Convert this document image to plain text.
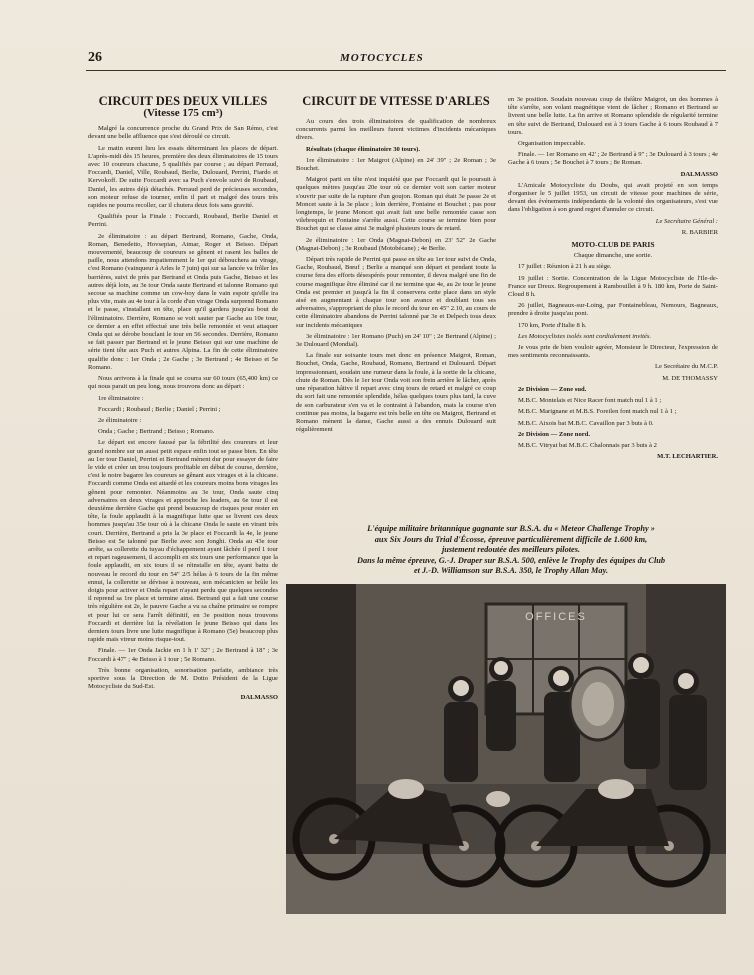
26	MOTOCYCLES
CIRCUIT DES DEUX VILLES
(Vitesse 175 cm³)

Malgré la concurrence proche du Grand Prix de San Rémo, c'est devant une belle affluence que s'est déroulé ce circuit.

Le matin eurent lieu les essais déterminant les places de départ. L'après-midi dès 15 heures, première des deux éliminatoires de 15 tours avec 10 coureurs chacune, 5 qualifiés par course ; au départ Perraud, Foccardi, Daniel, Ville, Roubaud, Berlie, Dulouard, Perrini, Fiardo et Kervokoff. De suite Foccardi avec sa Puch s'envole suivi de Roubaud, Daniel, les autres déjà détachés. Perraud perd de précieuses secondes, son moteur refuse de tourner, enfin il part et malgré des tours très rapides ne pourra recoller, car il chutera deux fois sans gravité.

Qualifiés pour la Finale : Foccardi, Roubaud, Berlie Daniel et Perrini.

2e éliminatoire : au départ Bertrand, Romano, Gache, Onda, Roman, Benedetto, Hovsepian, Aimar, Roger et Beisso. Départ mouvementé, beaucoup de coureurs se gênent et rasent les balles de paille, nous attendons impatiemment le 1er qui débouchera au virage, c'est Romano (vainqueur à Arles le 7 juin) qui sur sa lancée va frôler les barrières, suivi de près par Bertrand et Onda puis Gache, Beisso et les autres déjà loin, au 3e tour Onda saute Bertrand et talonne Romano qui secoue sa machine comme un cow-boy dans le vain espoir qu'elle ira plus vite, mais au 4e tour à la corde d'un virage Onda surprend Romano et le passe, s'installant en tête, place qu'il gardera jusqu'au bout de l'éliminatoire. Derrière, Romano se voit sauter par Gache au 10e tour, ce dernier a en effet effectué une très belle remontée et veut attaquer Onda qui se dérobe bouclant le tour en 56 secondes. Derrière, Romano se fait passer par Bertrand et le jeune Beisso qui sur une machine de série tient tête aux Puch et autres Alpina. La fin de cette éliminatoire qualifie donc : 1er Onda ; 2e Gache ; 3e Bertrand ; 4e Beisso et 5e Romano.

Nous arrivons à la finale qui se courra sur 60 tours (65,400 km) ce qui nous parait un peu long, nous trouvons donc au départ :

1re éliminatoire :

Foccardi ; Roubaud ; Berlie ; Daniel ; Perrini ;

2e éliminatoire :

Onda ; Gache ; Bertrand ; Beisso ; Romano.

Le départ est encore faussé par la fébrilité des coureurs et leur grand nombre sur un aussi petit espace enfin tout se passe bien. En tête au 1er tour Daniel, Perrini et Bertrand mènent dur pour essayer de faire le vide et créer un trou toujours profitable en début de course, derrière, c'est le noire bagarre les coureurs se gênant aux virages et à la chicane. Foccardi comme Onda est attardé et les coureurs moins bons virages les gênent pour remonter. Néanmoins au 3e tour, Onda saute cinq adversaires en deux virages et approche les leaders, au 6e tour il est deuxième derrière Gache qui prend beaucoup de risques pour rester en tête, la foule applaudit à la magnifique lutte que se livrent ces deux hommes jusqu'au 35e tour où à la chicane Onda le saute en virant très court. Derrière, Bertrand a pris la 3e place et Foccardi la 4e, le jeune Beisso est 5e talonné par Berlie avec son Jonghi. Onda au 43e tour arrête, sa collerette du tuyau d'échappement ayant lâchée il perd 1 tour et repart rageusement, il accomplit en six tours une performance que la foule applaudit, en six tours il se réinstalle en tête, ayant battu de nouveau le record du tour en 54" 2/5 hélas à 6 tours de la fin même ennui, la collerette se dévisse à nouveau, son mécanicien se brûle les doigts pour activer et Onda repart n'ayant perdu que quelques secondes il reprend sa 1re place et termine ainsi. Bertrand qui a fait une course très régulière est 2e, le pauvre Gache a vu sa chaîne primaire se rompre et pour lui ce sera l'arrêt définitif, en 3e position nous trouvons Foccardi et derrière lui la révélation le jeune Beisso qui dans les derniers tours livre une lutte magnifique à Romano (5e) beaucoup plus rapide mais vireur moins risque-tout.

Finale. — 1er Onda Jackie en 1 h 1' 32" ; 2e Bertrand à 18" ; 3e Foccardi à 47" ; 4e Beisso à 1 tour ; 5e Romano.

Très bonne organisation, sonorisation parfaite, ambiance très sportive sous la Direction de M. Dotto Président de la Ligue Motocycliste du Sud-Est.

DALMASSO

CIRCUIT DE VITESSE D'ARLES

Au cours des trois éliminatoires de qualification de nombreux concurrents parmi les meilleurs furent victimes d'incidents mécaniques divers.

Résultats (chaque éliminatoire 30 tours).

1re éliminatoire : 1er Maigrot (Alpine) en 24' 39" ; 2e Roman ; 3e Bouchet.

Maigrot parti en tête n'est inquiété que par Foccardi qui le poursuit à quelques mètres jusqu'au 20e tour où ce dernier voit son carter moteur s'ouvrir par suite de la rupture d'un goujon. Roman qui était 3e passe 2e et Moncet saute à la 3e place ; loin derrière, Fontaine et Bouchet ; pas pour longtemps, le jeune Moncet qui avait fait une belle remontée casse son vilebrequin et Fontaine s'arrête aussi. Cette course se termine bien pour Bouchet qui se classe ainsi 3e malgré plusieurs tours de retard.

2e éliminatoire : 1er Onda (Magnat-Debon) en 23' 52" 2e Gache (Magnat-Debon) ; 3e Roubaud (Motobécane) ; 4e Berlie.

Départ très rapide de Perrini qui passe en tête au 1er tour suivi de Onda, Gache, Roubaud, Bœuf ; Berlie a manqué son départ et pendant toute la course fera des efforts désespérés pour remonter, il devra malgré une fin de course magnifique être éliminé car il ne termine que 4e, au 2e tour le jeune Onda est premier et jusqu'à la fin il conservera cette place dans un style aisé en augmentant à chaque tour son avance et doublant tous ses adversaires, s'appropriant de plus le record du tour en 45" 2.10, au cours de cette éliminatoire abandons de Perrini talonné par 3e et Delpech tous deux sur incidents mécaniques

3e éliminatoire : 1er Romano (Puch) en 24' 10" ; 2e Bertrand (Alpine) ; 3e Dulouard (Mondial).

La finale sur soixante tours met donc en présence Maigrot, Roman, Bouchet, Onda, Gache, Roubaud, Romano, Bertrand et Dulouard. Départ impressionnant, soudain une rumeur dans la foule, à la sortie de la chicane, chute de Roman. Dès le 1er tour Onda voit son frein arrière le lâcher, après une réparation hâtive il repart avec cinq tours de retard et malgré ce coup du sort fait une remontée splendide, hélas quelques tours plus tard, la cuve de son carburateur s'en va et le contraint à l'abandon, mais la course n'en continue pas moins, la bagarre est très belle en tête ou Maigrot, Bertrand et Romano mènent la danse, Gache aussi a des ennuis Dulouard suit régulièrement

en 3e position. Soudain nouveau coup de théâtre Maigrot, un des hommes à tête s'arrête, son volant magnétique vient de lâcher ; Romano et Bertrand se livrent une belle lutte. La fin arrive et Romano splendide de régularité termine en tête suivi de Bertrand, Dulouard est à 3 tours Gache à 6 tours Roubaud à 7 tours.

Organisation impeccable.

Finale. — 1er Romano en 42' ; 2e Bertrand à 9" ; 3e Dulouard à 3 tours ; 4e Gache à 6 tours ; 5e Bouchet à 7 tours ; 8e Roman.

DALMASSO

L'Amicale Motocycliste du Doubs, qui avait projeté en son temps d'organiser le 5 juillet 1953, un circuit de vitesse pour machines de série, devant des événements indépendants de la volonté des organisateurs, s'est vue dans l'obligation à son grand regret d'annuler ce circuit.

Le Secrétaire Général :

R. BARBIER

MOTO-CLUB DE PARIS

Chaque dimanche, une sortie.

17 juillet : Réunion à 21 h au siège.

19 juillet : Sortie. Concentration de la Ligue Motocycliste de l'Ile-de-France sur Dreux. Regroupement à Rambouillet à 9 h. 180 km, Porte de Saint-Cloud 8 h.

26 juillet, Bagneaux-sur-Loing, par Fontainebleau, Nemours, Bagneaux, prendre à droite jusqu'au pont.

170 km, Porte d'Italie 8 h.

Les Motocyclistes isolés sont cordialement invités.

Je vous prie de bien vouloir agréer, Monsieur le Directeur, l'expression de mes sentiments reconnaissants.

Le Secrétaire du M.C.P.

M. DE THOMASSY

2e Division — Zone sud.

M.B.C. Montelais et Nice Racer font match nul 1 à 1 ;

M.B.C. Marignane et M.B.S. Foreilen font match nul 1 à 1 ;

M.B.C. Aixois bat M.B.C. Cavaillon par 3 buts à 0.

2e Division — Zone nord.

M.B.C. Vitryat bat M.B.C. Chalonnais par 3 buts à 2

M.T. LECHARTIER.

L'équipe militaire britannique gagnante sur B.S.A. du « Meteor Challenge Trophy »
aux Six Jours du Trial d'Écosse, épreuve particulièrement difficile de 1.600 km,
justement redoutée des meilleurs pilotes.
Dans la même épreuve, G.-J. Draper sur B.S.A. 500, enlève le Trophy des équipes du Club
et J.-D. Williamson sur B.S.A. 350, le Trophy Allan May.
OFFICES
